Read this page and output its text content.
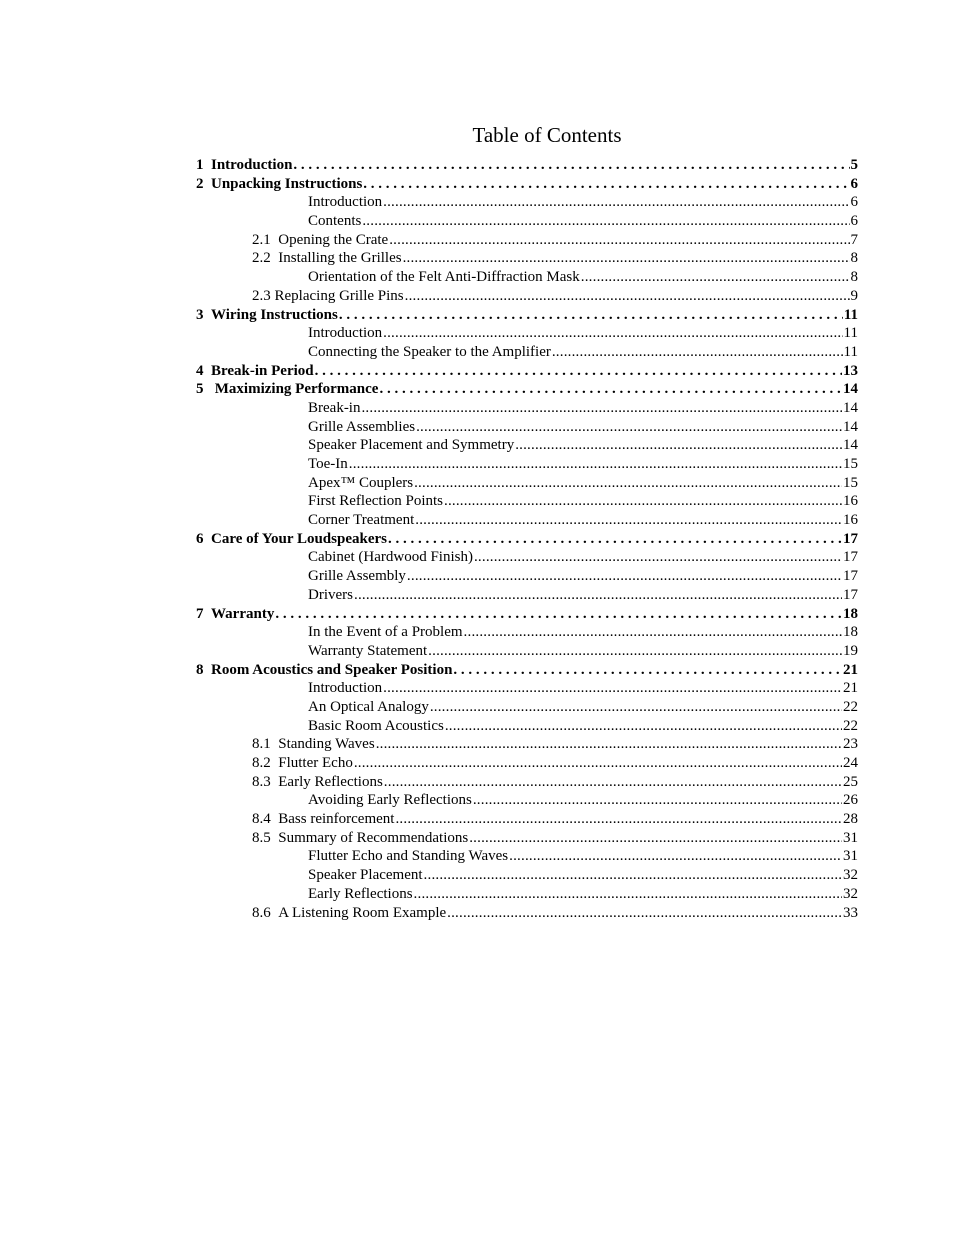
Table of Contents
1 Introduction . . .	5
2 Unpacking Instructions . . .	6
Introduction .....	6
Contents .....	6
2.1 Opening the Crate .....	7
2.2 Installing the Grilles .....	8
Orientation of the Felt Anti-Diffraction Mask .....	8
2.3 Replacing Grille Pins .....	9
3 Wiring Instructions . . .	11
Introduction .....	11
Connecting the Speaker to the Amplifier .....	11
4 Break-in Period . . .	13
5 Maximizing Performance . . .	14
Break-in .....	14
Grille Assemblies .....	14
Speaker Placement and Symmetry .....	14
Toe-In .....	15
Apex™ Couplers .....	15
First Reflection Points .....	16
Corner Treatment .....	16
6 Care of Your Loudspeakers . . .	17
Cabinet (Hardwood Finish) .....	17
Grille Assembly .....	17
Drivers .....	17
7 Warranty . . .	18
In the Event of a Problem .....	18
Warranty Statement .....	19
8 Room Acoustics and Speaker Position . . .	21
Introduction .....	21
An Optical Analogy .....	22
Basic Room Acoustics .....	22
8.1 Standing Waves .....	23
8.2 Flutter Echo .....	24
8.3 Early Reflections .....	25
Avoiding Early Reflections .....	26
8.4 Bass reinforcement .....	28
8.5 Summary of Recommendations .....	31
Flutter Echo and Standing Waves .....	31
Speaker Placement .....	32
Early Reflections .....	32
8.6 A Listening Room Example .....	33
